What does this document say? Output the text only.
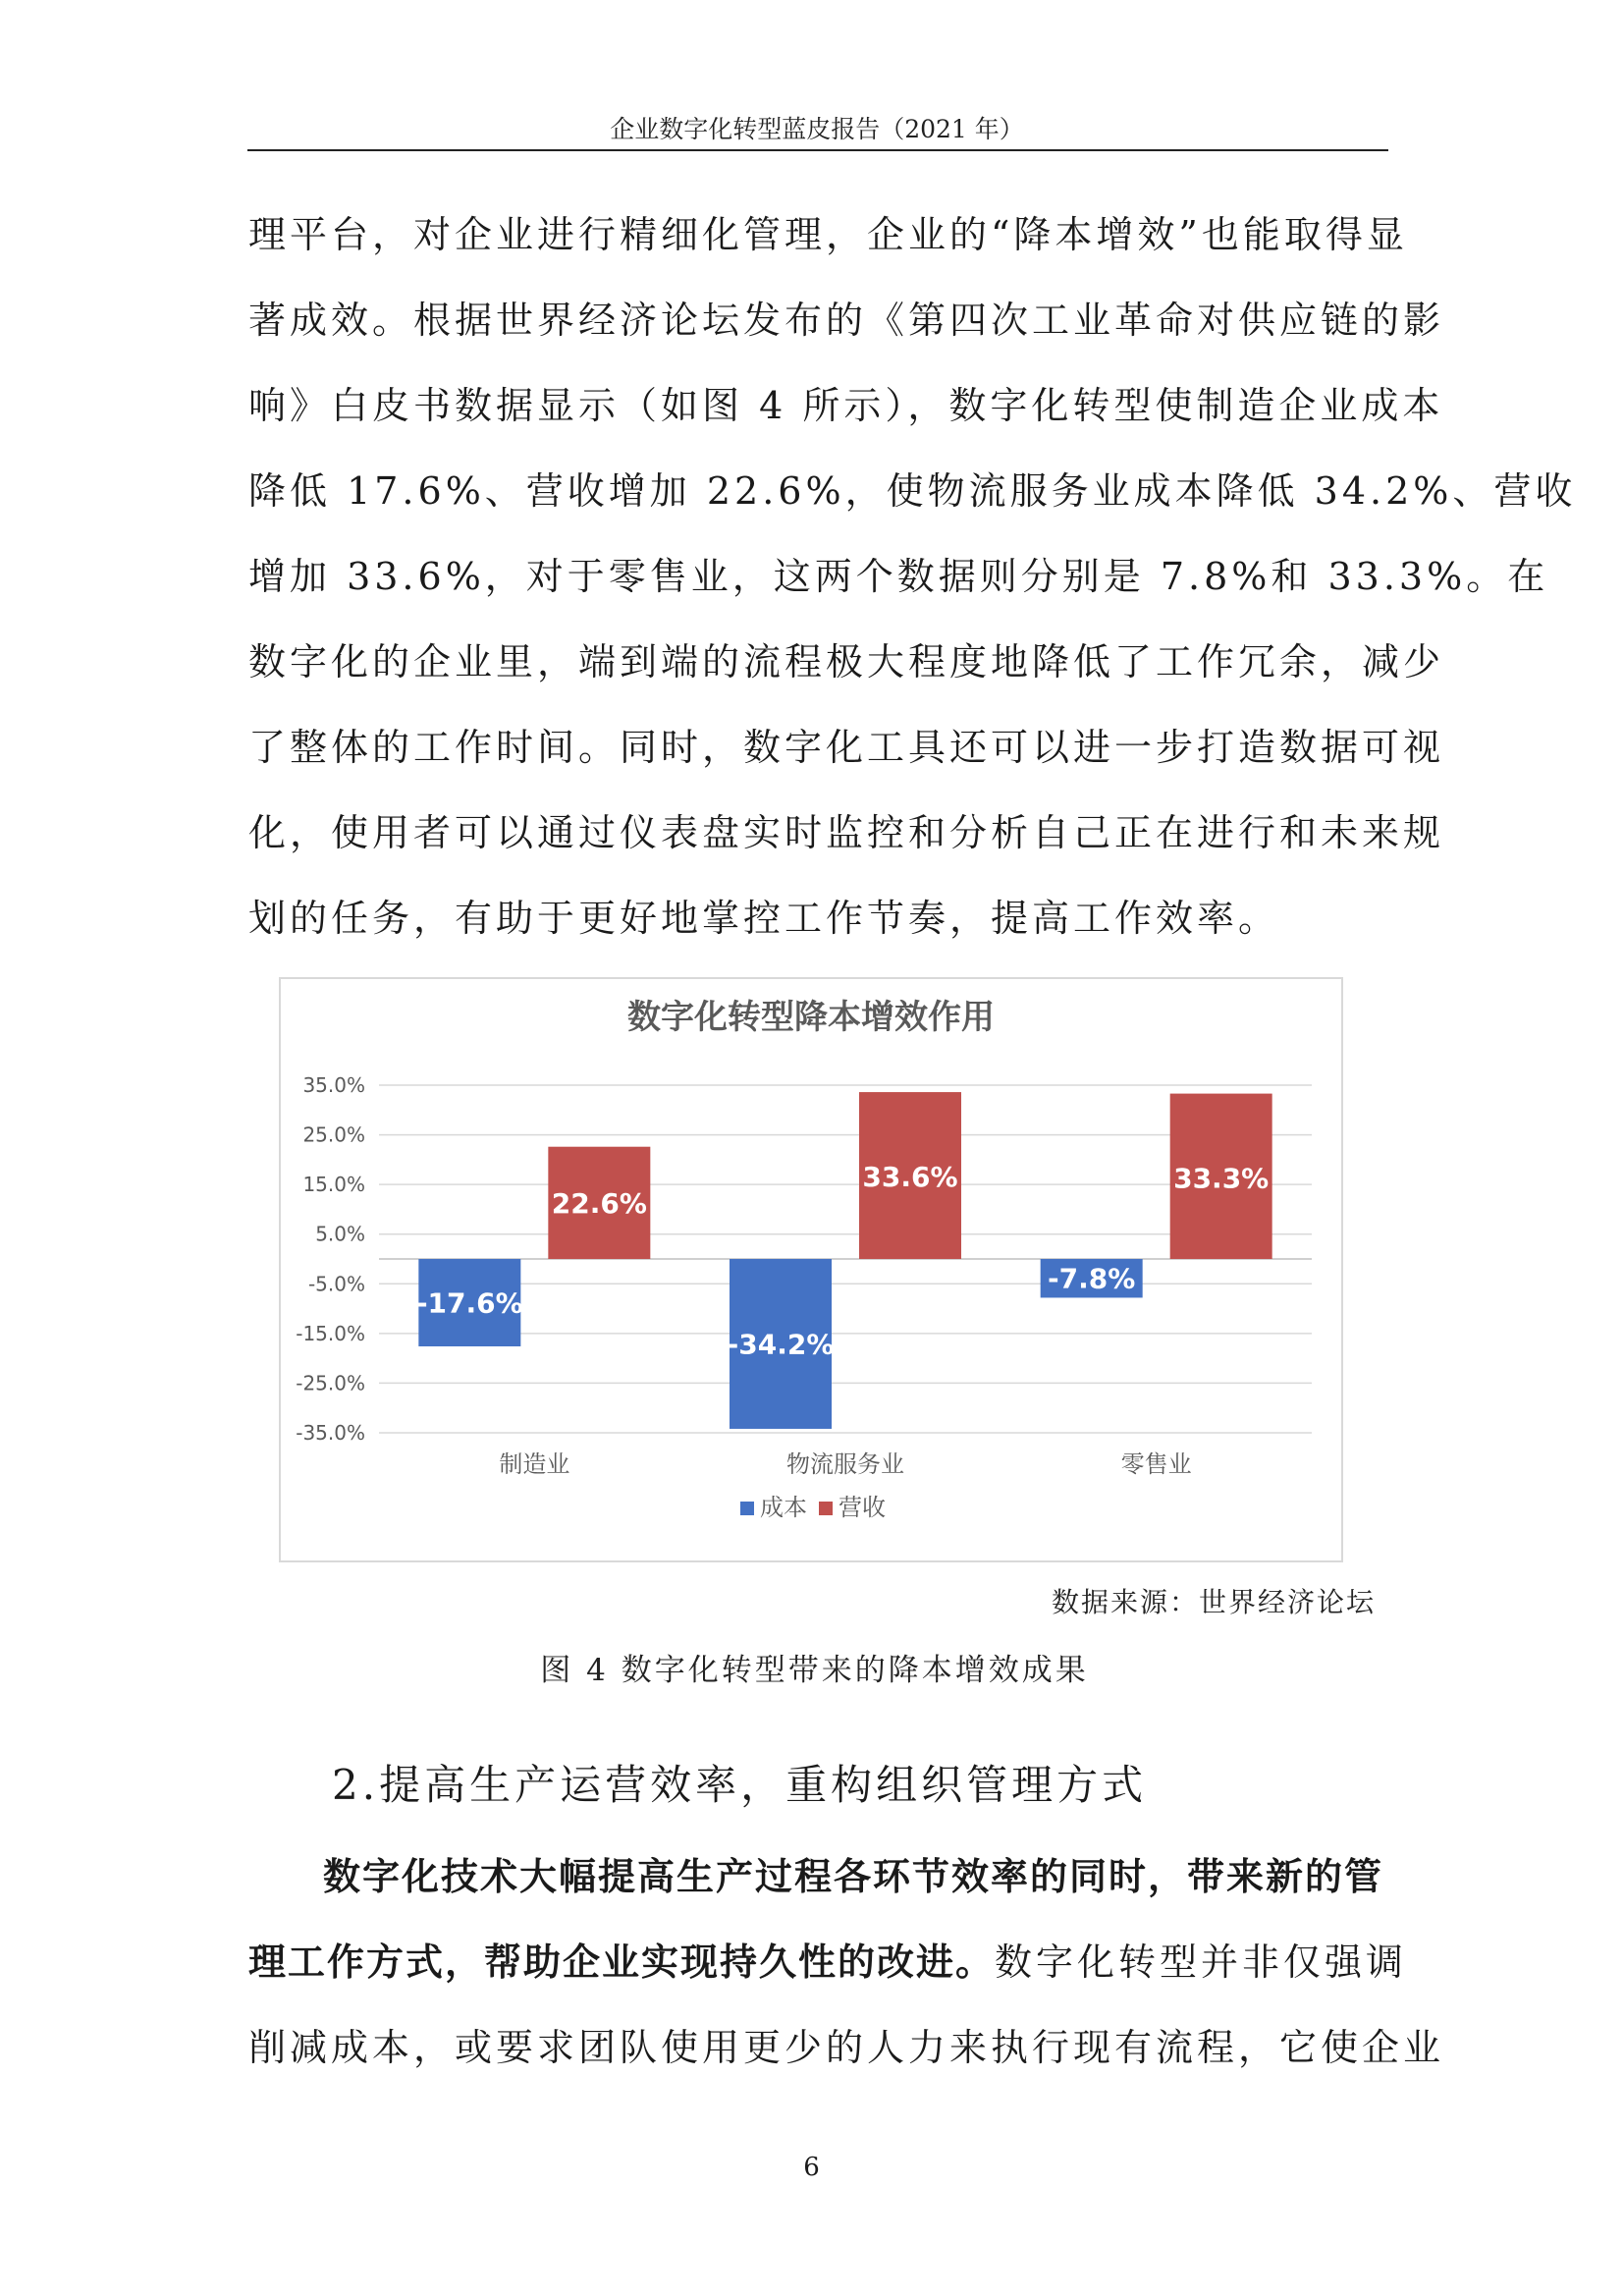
企业数字化转型蓝皮报告（2021 年）
理平台，对企业进行精细化管理，企业的“降本增效”也能取得显
著成效。根据世界经济论坛发布的《第四次工业革命对供应链的影
响》白皮书数据显示（如图 4 所示），数字化转型使制造企业成本
降低 17.6%、营收增加 22.6%，使物流服务业成本降低 34.2%、营收
增加 33.6%，对于零售业，这两个数据则分别是 7.8%和 33.3%。在
数字化的企业里，端到端的流程极大程度地降低了工作冗余，减少
了整体的工作时间。同时，数字化工具还可以进一步打造数据可视
化，使用者可以通过仪表盘实时监控和分析自己正在进行和未来规
划的任务，有助于更好地掌控工作节奏，提高工作效率。
数字化转型降本增效作用
35.0%
25.0%
15.0%
5.0%
-5.0%
-15.0%
-25.0%
-35.0%
-17.6%
22.6%
制造业
-34.2%
33.6%
物流服务业
-7.8%
33.3%
零售业
成本 营收
数据来源：世界经济论坛
图 4 数字化转型带来的降本增效成果
2.提高生产运营效率，重构组织管理方式
数字化技术大幅提高生产过程各环节效率的同时，带来新的管
理工作方式，帮助企业实现持久性的改进。数字化转型并非仅强调
削减成本，或要求团队使用更少的人力来执行现有流程，它使企业
6
